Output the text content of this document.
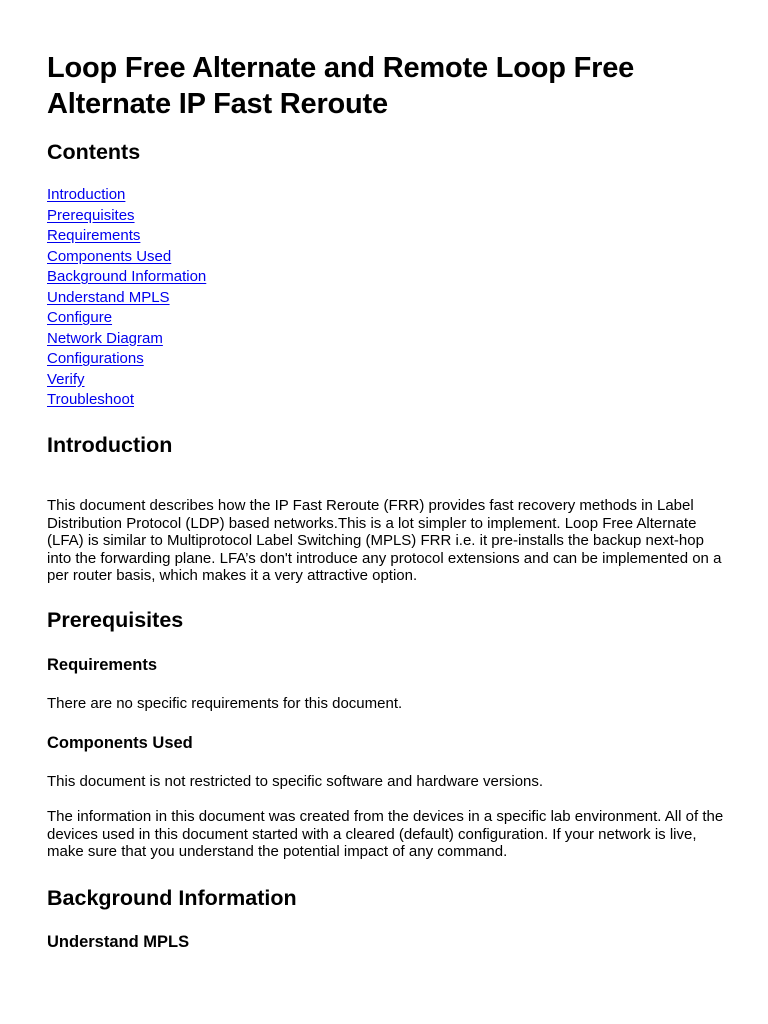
Loop Free Alternate and Remote Loop Free Alternate IP Fast Reroute
Contents
Introduction
Prerequisites
Requirements
Components Used
Background Information
Understand MPLS
Configure
Network Diagram
Configurations
Verify
Troubleshoot
Introduction

This document describes how the IP Fast Reroute (FRR) provides fast recovery methods in Label Distribution Protocol (LDP) based networks.This is a lot simpler to implement. Loop Free Alternate (LFA) is similar to Multiprotocol Label Switching (MPLS) FRR i.e. it pre-installs the backup next-hop into the forwarding plane. LFA’s don't introduce any protocol extensions and can be implemented on a per router basis, which makes it a very attractive option.

Prerequisites
Requirements

There are no specific requirements for this document.

Components Used

This document is not restricted to specific software and hardware versions.

The information in this document was created from the devices in a specific lab environment. All of the devices used in this document started with a cleared (default) configuration. If your network is live, make sure that you understand the potential impact of any command.

Background Information
Understand MPLS
